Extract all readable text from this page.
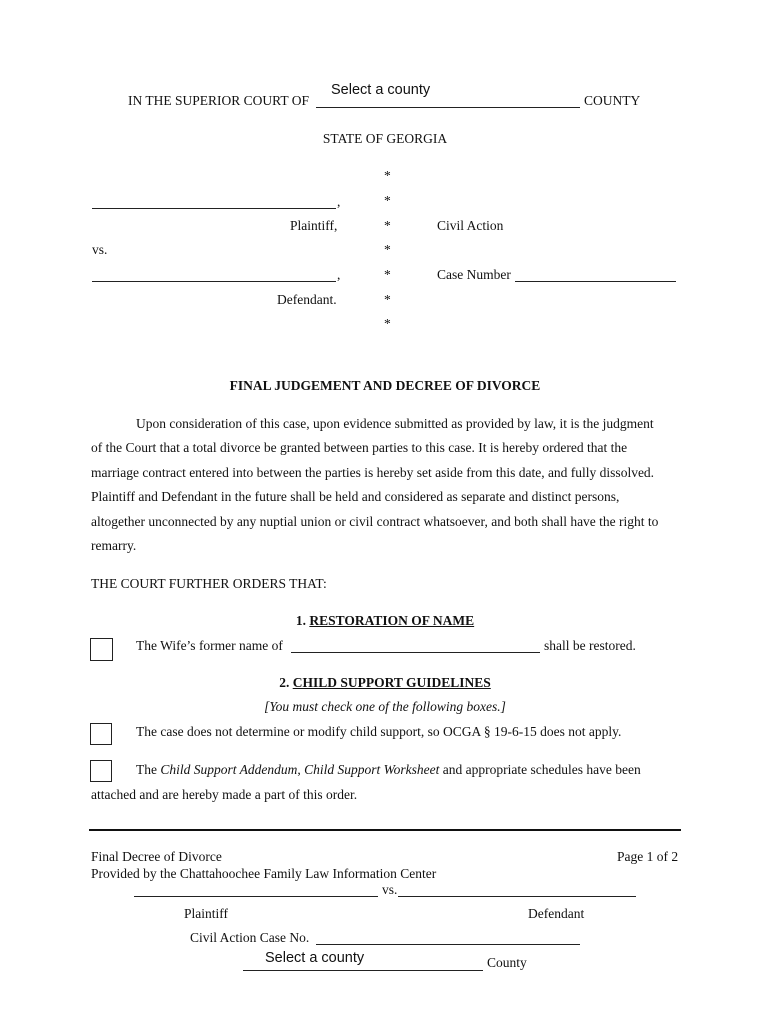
IN THE SUPERIOR COURT OF
Select a county
COUNTY
STATE OF GEORGIA
*
*
*
*
*
*
*
,
Plaintiff,	Civil Action
vs.
,	Case Number
Defendant.
FINAL JUDGEMENT AND DECREE OF DIVORCE

Upon consideration of this case, upon evidence submitted as provided by law, it is the judgment

of the Court that a total divorce be granted between parties to this case. It is hereby ordered that the

marriage contract entered into between the parties is hereby set aside from this date, and fully dissolved.

Plaintiff and Defendant in the future shall be held and considered as separate and distinct persons,

altogether unconnected by any nuptial union or civil contract whatsoever, and both shall have the right to

remarry.

THE COURT FURTHER ORDERS THAT:
1. RESTORATION OF NAME
The Wife’s former name of	shall be restored.
2. CHILD SUPPORT GUIDELINES
[You must check one of the following boxes.]
The case does not determine or modify child support, so OCGA § 19-6-15 does not apply.
The Child Support Addendum, Child Support Worksheet and appropriate schedules have been
attached and are hereby made a part of this order.
Final Decree of Divorce	Page 1 of 2
Provided by the Chattahoochee Family Law Information Center
vs.
Plaintiff	Defendant
Civil Action Case No.
Select a county	County
